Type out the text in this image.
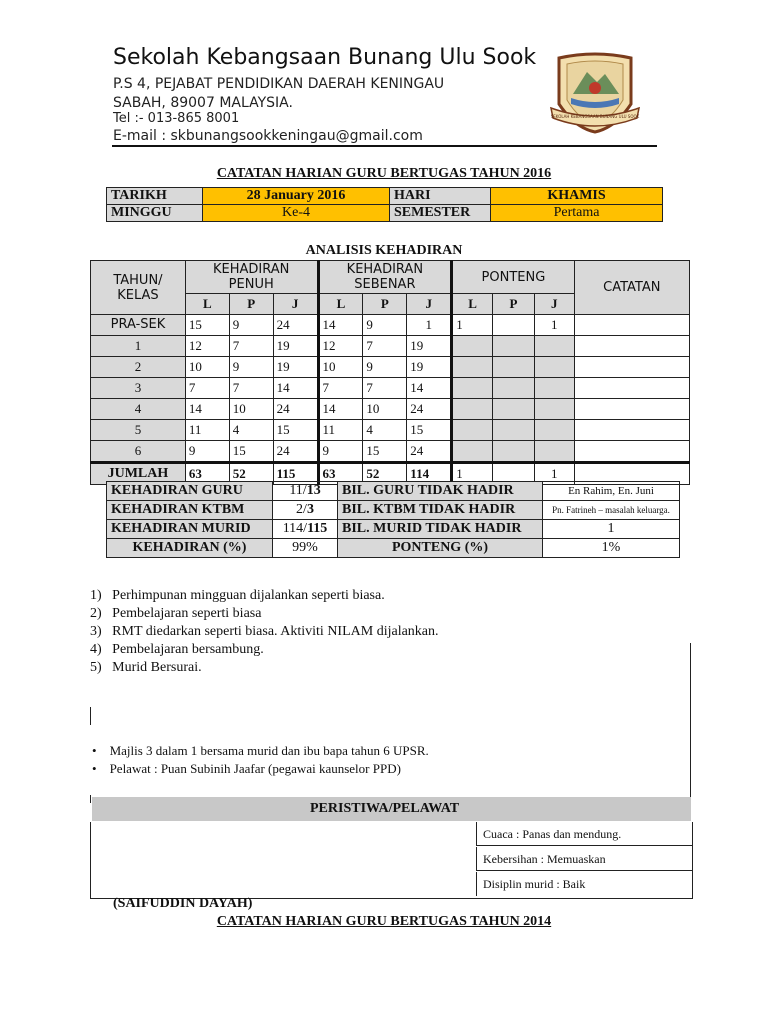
Sekolah Kebangsaan Bunang Ulu Sook
P.S 4, PEJABAT PENDIDIKAN DAERAH KENINGAU
SABAH, 89007 MALAYSIA.
Tel :- 013-865 8001
E-mail : skbunangsookkeningau@gmail.com
SEKOLAH KEBANGSAAN BUNANG ULU SOOK
CATATAN HARIAN GURU BERTUGAS TAHUN 2016
TARIKH	28 January 2016	HARI	KHAMIS
MINGGU	Ke-4	SEMESTER	Pertama
ANALISIS KEHADIRAN
TAHUN/ KELAS	KEHADIRAN PENUH			KEHADIRAN SEBENAR			PONTENG			CATATAN
	L	P	J	L	P	J	L	P	J	
PRA-SEK	15	9	24	14	9	1	1		1	
1	12	7	19	12	7	19				
2	10	9	19	10	9	19				
3	7	7	14	7	7	14				
4	14	10	24	14	10	24				
5	11	4	15	11	4	15				
6	9	15	24	9	15	24				
JUMLAH	63	52	115	63	52	114	1		1	
KEHADIRAN GURU	11/13	BIL. GURU TIDAK HADIR	En Rahim, En. Juni
KEHADIRAN KTBM	2/3	BIL. KTBM TIDAK HADIR	Pn. Fatrineh – masalah keluarga.
KEHADIRAN MURID	114/115	BIL. MURID TIDAK HADIR	1
KEHADIRAN (%)	99%	PONTENG (%)	1%
1)   Perhimpunan mingguan dijalankan seperti biasa.
2)   Pembelajaran seperti biasa
3)   RMT diedarkan seperti biasa. Aktiviti NILAM dijalankan.
4)   Pembelajaran bersambung.
5)   Murid Bersurai.
•    Majlis 3 dalam 1 bersama murid dan ibu bapa tahun 6 UPSR.
•    Pelawat : Puan Subinih Jaafar (pegawai kaunselor PPD)
PERISTIWA/PELAWAT
Cuaca : Panas dan mendung.
Kebersihan : Memuaskan
Disiplin murid : Baik
(SAIFUDDIN DAYAH)
CATATAN HARIAN GURU BERTUGAS TAHUN 2014
